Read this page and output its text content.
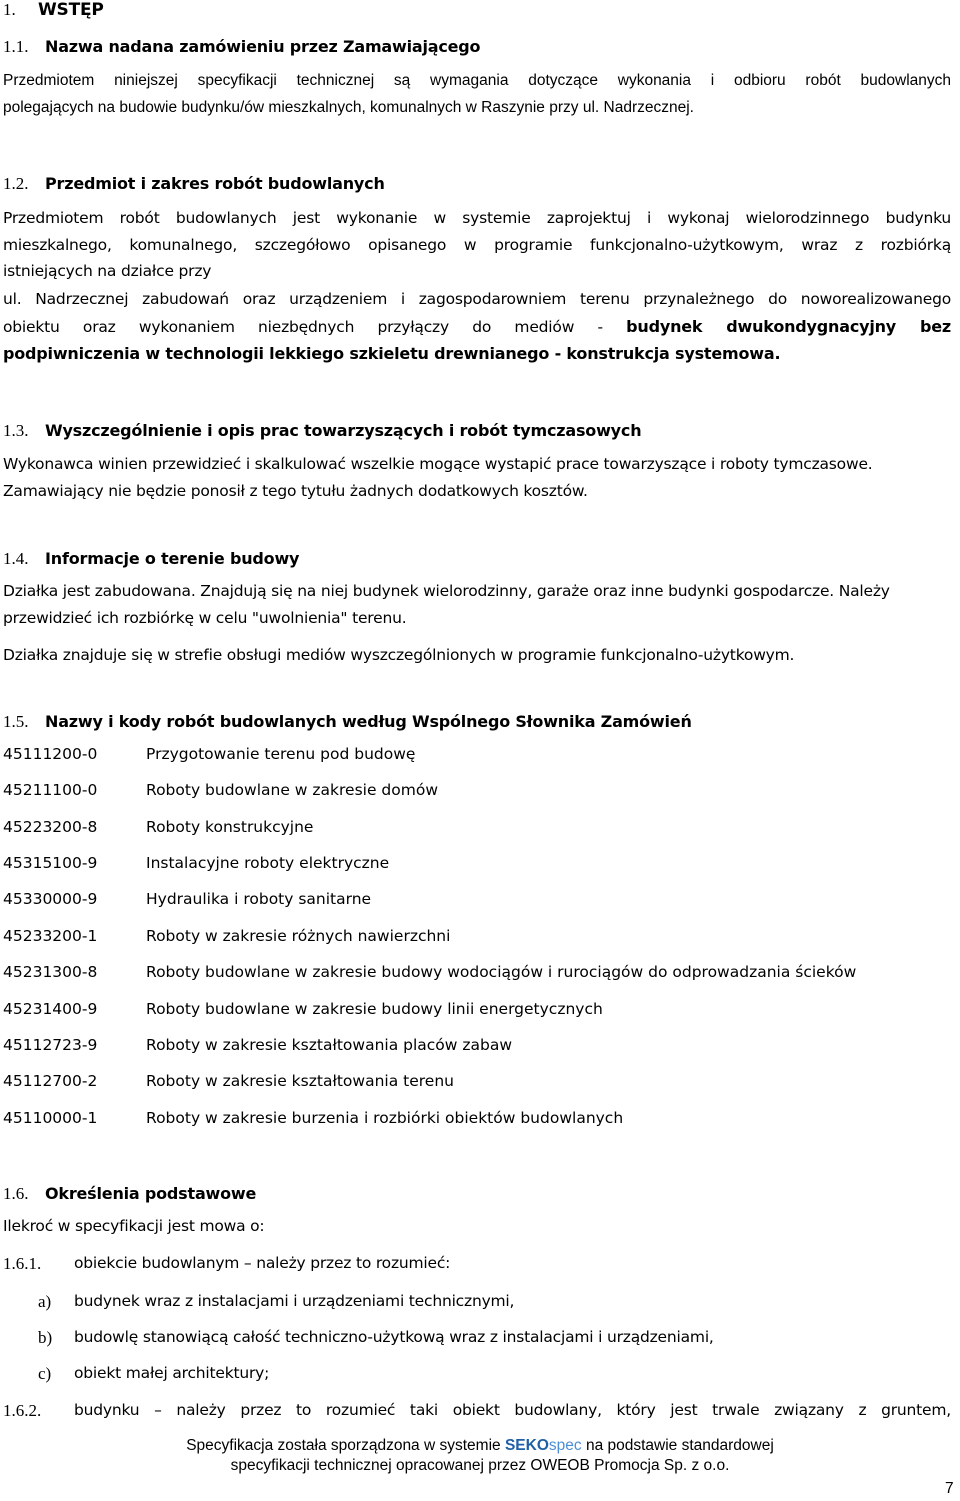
1. WSTĘP
1.1. Nazwa nadana zamówieniu przez Zamawiającego
Przedmiotem niniejszej specyfikacji technicznej są wymagania dotyczące wykonania i odbioru robót budowlanych
polegających na budowie budynku/ów mieszkalnych, komunalnych w Raszynie przy ul. Nadrzecznej.
1.2. Przedmiot i zakres robót budowlanych
Przedmiotem robót budowlanych jest wykonanie w systemie zaprojektuj i wykonaj wielorodzinnego budynku
mieszkalnego, komunalnego, szczegółowo opisanego w programie funkcjonalno-użytkowym, wraz z rozbiórką
istniejących na działce przy
ul. Nadrzecznej zabudowań oraz urządzeniem i zagospodarowniem terenu przynależnego do noworealizowanego
obiektu oraz wykonaniem niezbędnych przyłączy do mediów - budynek dwukondygnacyjny bez
podpiwniczenia w technologii lekkiego szkieletu drewnianego - konstrukcja systemowa.
1.3. Wyszczególnienie i opis prac towarzyszących i robót tymczasowych
Wykonawca winien przewidzieć i skalkulować wszelkie mogące wystapić prace towarzyszące i roboty tymczasowe.
Zamawiający nie będzie ponosił z tego tytułu żadnych dodatkowych kosztów.
1.4. Informacje o terenie budowy
Działka jest zabudowana. Znajdują się na niej budynek wielorodzinny, garaże oraz inne budynki gospodarcze. Należy
przewidzieć ich rozbiórkę w celu "uwolnienia" terenu.
Działka znajduje się w strefie obsługi mediów wyszczególnionych w programie funkcjonalno-użytkowym.
1.5. Nazwy i kody robót budowlanych według Wspólnego Słownika Zamówień
45111200-0	Przygotowanie terenu pod budowę
45211100-0	Roboty budowlane w zakresie domów
45223200-8	Roboty konstrukcyjne
45315100-9	Instalacyjne roboty elektryczne
45330000-9	Hydraulika i roboty sanitarne
45233200-1	Roboty w zakresie różnych nawierzchni
45231300-8	Roboty budowlane w zakresie budowy wodociągów i rurociągów do odprowadzania ścieków
45231400-9	Roboty budowlane w zakresie budowy linii energetycznych
45112723-9	Roboty w zakresie kształtowania placów zabaw
45112700-2	Roboty w zakresie kształtowania terenu
45110000-1	Roboty w zakresie burzenia i rozbiórki obiektów budowlanych
1.6. Określenia podstawowe
Ilekroć w specyfikacji jest mowa o:
1.6.1. obiekcie budowlanym – należy przez to rozumieć:
a) budynek wraz z instalacjami i urządzeniami technicznymi,
b) budowlę stanowiącą całość techniczno-użytkową wraz z instalacjami i urządzeniami,
c) obiekt małej architektury;
1.6.2. budynku – należy przez to rozumieć taki obiekt budowlany, który jest trwale związany z gruntem,
Specyfikacja została sporządzona w systemie SEKOspec na podstawie standardowej
specyfikacji technicznej opracowanej przez OWEOB Promocja Sp. z o.o.
7
